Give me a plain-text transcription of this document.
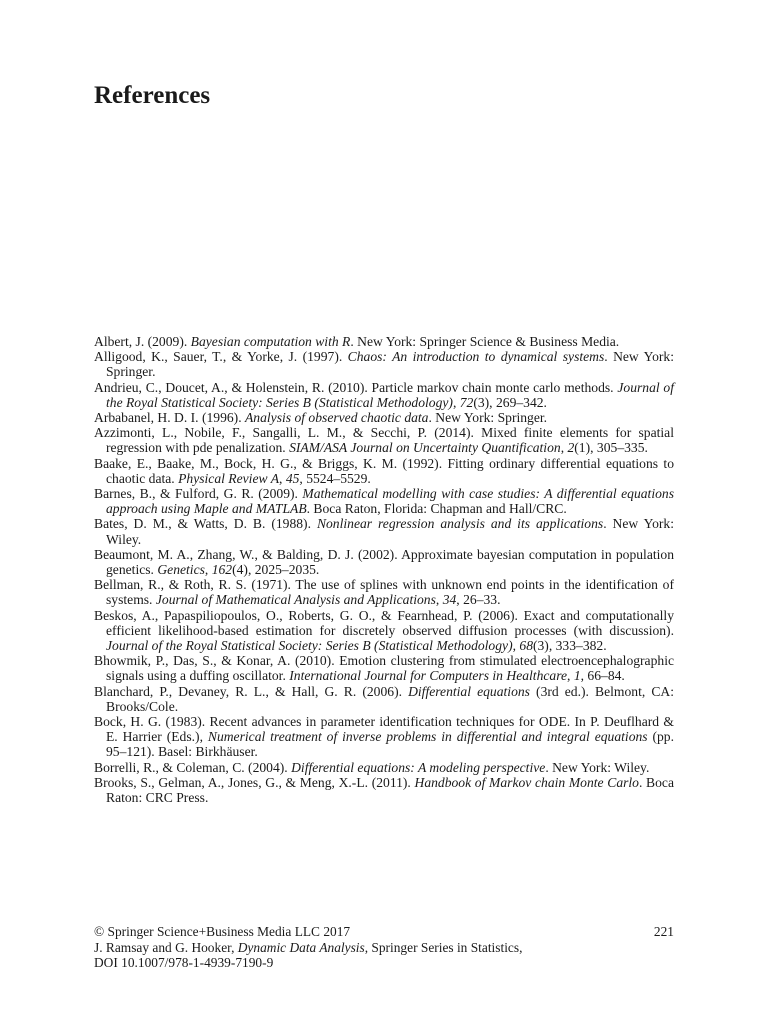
References
Albert, J. (2009). Bayesian computation with R. New York: Springer Science & Business Media.
Alligood, K., Sauer, T., & Yorke, J. (1997). Chaos: An introduction to dynamical systems. New York: Springer.
Andrieu, C., Doucet, A., & Holenstein, R. (2010). Particle markov chain monte carlo methods. Journal of the Royal Statistical Society: Series B (Statistical Methodology), 72(3), 269–342.
Arbabanel, H. D. I. (1996). Analysis of observed chaotic data. New York: Springer.
Azzimonti, L., Nobile, F., Sangalli, L. M., & Secchi, P. (2014). Mixed finite elements for spatial regression with pde penalization. SIAM/ASA Journal on Uncertainty Quantification, 2(1), 305–335.
Baake, E., Baake, M., Bock, H. G., & Briggs, K. M. (1992). Fitting ordinary differential equations to chaotic data. Physical Review A, 45, 5524–5529.
Barnes, B., & Fulford, G. R. (2009). Mathematical modelling with case studies: A differential equations approach using Maple and MATLAB. Boca Raton, Florida: Chapman and Hall/CRC.
Bates, D. M., & Watts, D. B. (1988). Nonlinear regression analysis and its applications. New York: Wiley.
Beaumont, M. A., Zhang, W., & Balding, D. J. (2002). Approximate bayesian computation in population genetics. Genetics, 162(4), 2025–2035.
Bellman, R., & Roth, R. S. (1971). The use of splines with unknown end points in the identification of systems. Journal of Mathematical Analysis and Applications, 34, 26–33.
Beskos, A., Papaspiliopoulos, O., Roberts, G. O., & Fearnhead, P. (2006). Exact and computationally efficient likelihood-based estimation for discretely observed diffusion processes (with discussion). Journal of the Royal Statistical Society: Series B (Statistical Methodology), 68(3), 333–382.
Bhowmik, P., Das, S., & Konar, A. (2010). Emotion clustering from stimulated electroencephalographic signals using a duffing oscillator. International Journal for Computers in Healthcare, 1, 66–84.
Blanchard, P., Devaney, R. L., & Hall, G. R. (2006). Differential equations (3rd ed.). Belmont, CA: Brooks/Cole.
Bock, H. G. (1983). Recent advances in parameter identification techniques for ODE. In P. Deuflhard & E. Harrier (Eds.), Numerical treatment of inverse problems in differential and integral equations (pp. 95–121). Basel: Birkhäuser.
Borrelli, R., & Coleman, C. (2004). Differential equations: A modeling perspective. New York: Wiley.
Brooks, S., Gelman, A., Jones, G., & Meng, X.-L. (2011). Handbook of Markov chain Monte Carlo. Boca Raton: CRC Press.
© Springer Science+Business Media LLC 2017	221
J. Ramsay and G. Hooker, Dynamic Data Analysis, Springer Series in Statistics,
DOI 10.1007/978-1-4939-7190-9
